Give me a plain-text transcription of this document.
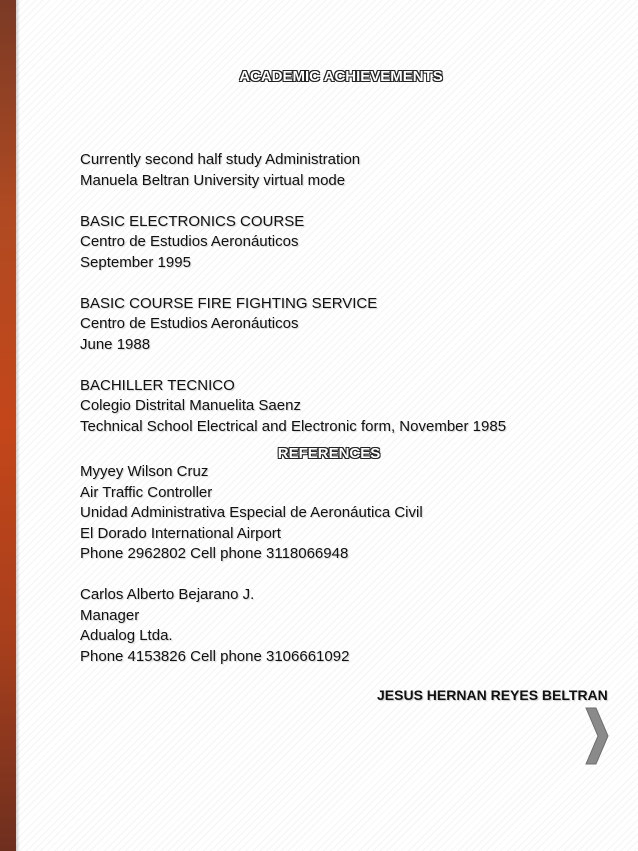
ACADEMIC ACHIEVEMENTS
Currently second half study Administration
Manuela Beltran University virtual mode
BASIC ELECTRONICS COURSE
Centro de Estudios Aeronáuticos
September 1995
BASIC COURSE FIRE FIGHTING SERVICE
Centro de Estudios Aeronáuticos
June 1988
BACHILLER TECNICO
Colegio Distrital Manuelita Saenz
Technical School Electrical and Electronic form, November 1985
REFERENCES
Myyey Wilson Cruz
Air Traffic Controller
Unidad Administrativa Especial de Aeronáutica Civil
El Dorado International Airport
Phone 2962802 Cell phone 3118066948
Carlos Alberto Bejarano J.
Manager
Adualog Ltda.
Phone 4153826 Cell phone 3106661092
JESUS HERNAN REYES BELTRAN
